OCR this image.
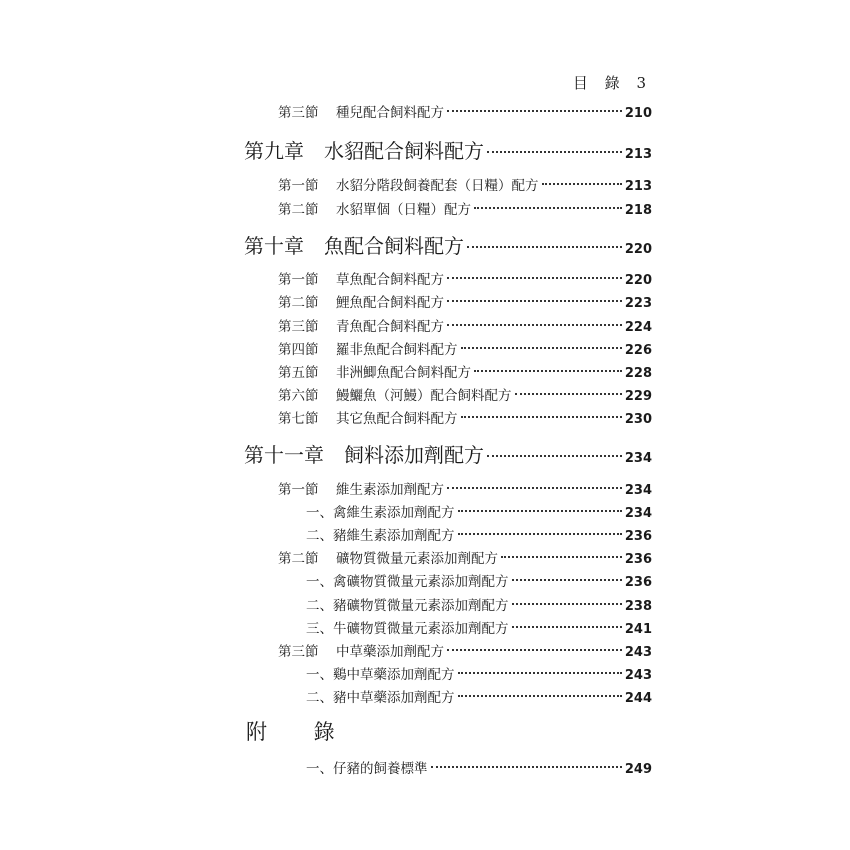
目 錄 3
第三節	種兒配合飼料配方	210
第九章 水貂配合飼料配方	213
第一節	水貂分階段飼養配套（日糧）配方	213
第二節	水貂單個（日糧）配方	218
第十章 魚配合飼料配方	220
第一節	草魚配合飼料配方	220
第二節	鯉魚配合飼料配方	223
第三節	青魚配合飼料配方	224
第四節	羅非魚配合飼料配方	226
第五節	非洲鯽魚配合飼料配方	228
第六節	鰻鱺魚（河鰻）配合飼料配方	229
第七節	其它魚配合飼料配方	230
第十一章 飼料添加劑配方	234
第一節	維生素添加劑配方	234
一、 禽維生素添加劑配方	234
二、 豬維生素添加劑配方	236
第二節	礦物質微量元素添加劑配方	236
一、 禽礦物質微量元素添加劑配方	236
二、 豬礦物質微量元素添加劑配方	238
三、 牛礦物質微量元素添加劑配方	241
第三節	中草藥添加劑配方	243
一、 鷄中草藥添加劑配方	243
二、 豬中草藥添加劑配方	244
附 錄
一、 仔豬的飼養標準	249
